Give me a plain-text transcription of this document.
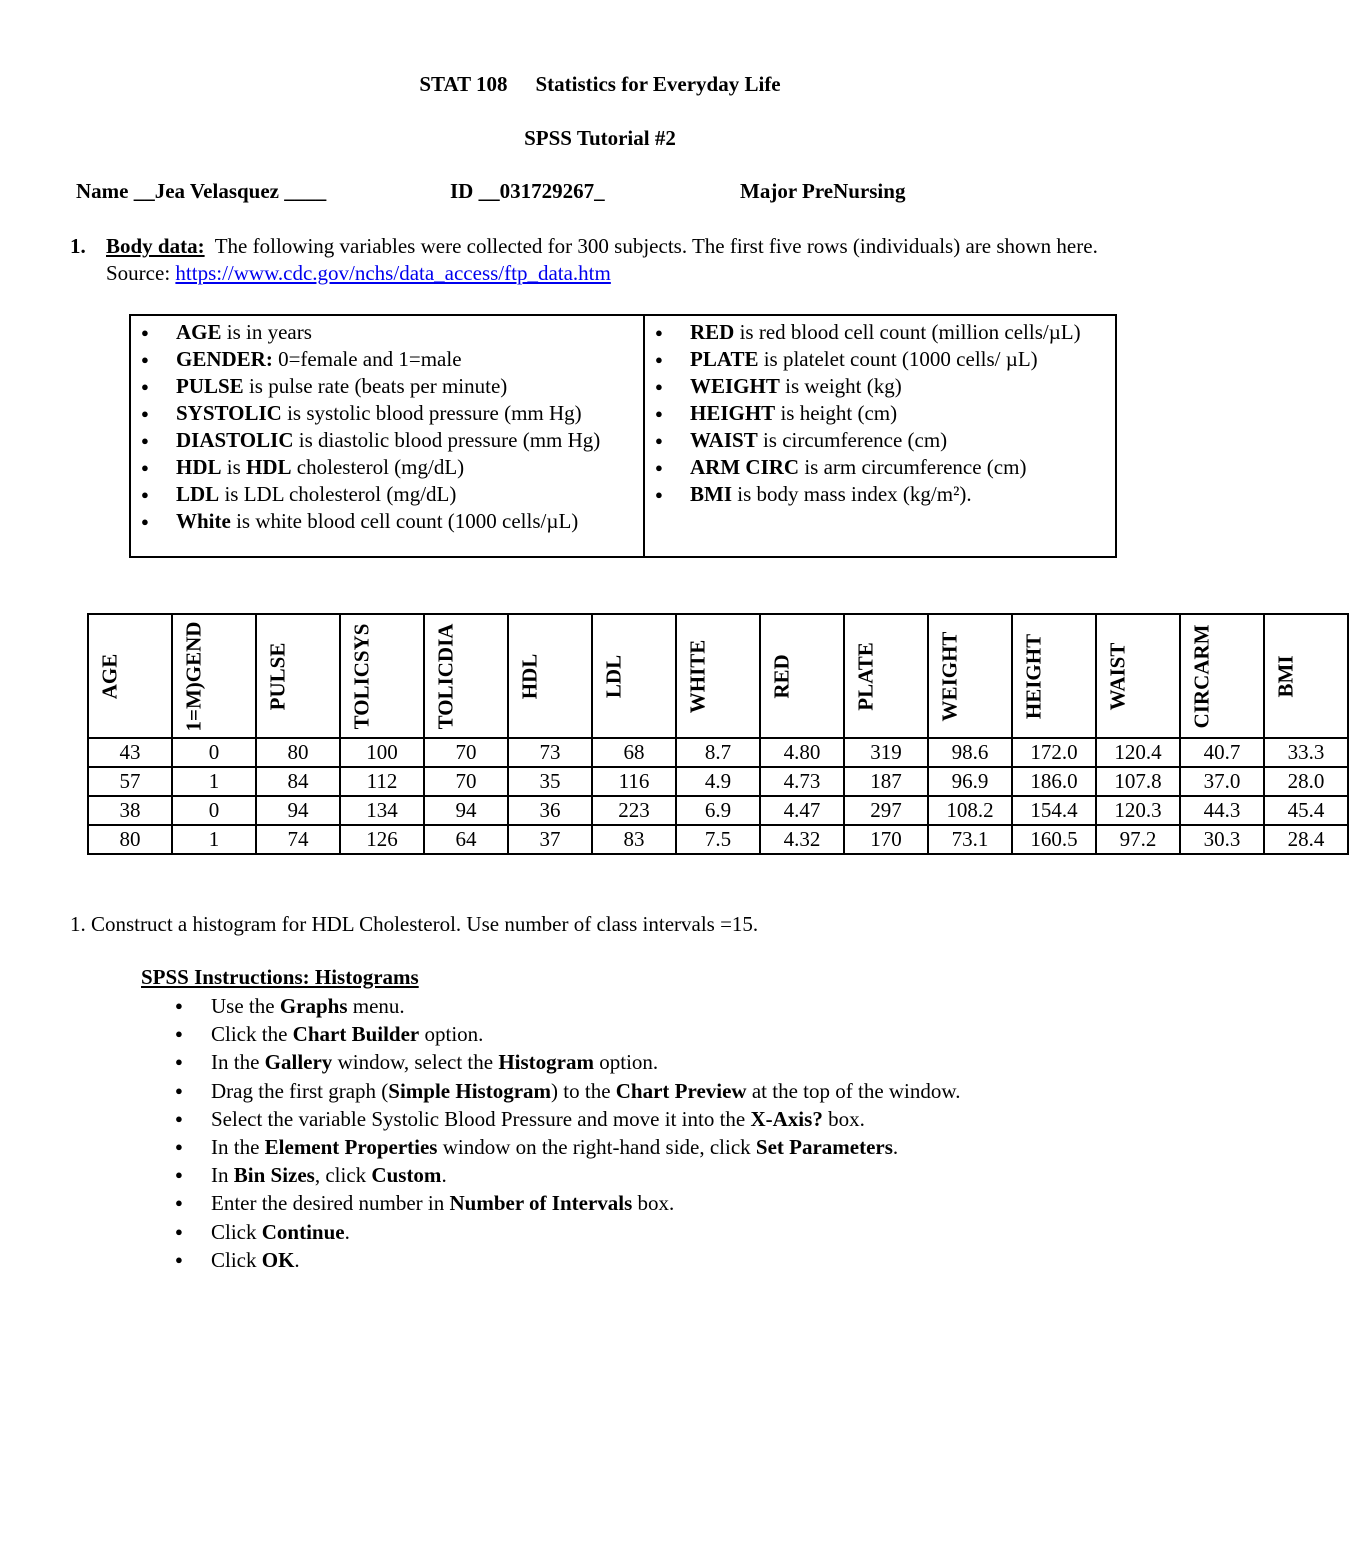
STAT 108 Statistics for Everyday Life
SPSS Tutorial #2
Name __Jea Velasquez ____	ID __031729267_	Major PreNursing
1. Body data: The following variables were collected for 300 subjects. The first five rows (individuals) are shown here. Source: https://www.cdc.gov/nchs/data_access/ftp_data.htm
● AGE is in years
● GENDER: 0=female and 1=male
● PULSE is pulse rate (beats per minute)
● SYSTOLIC is systolic blood pressure (mm Hg)
● DIASTOLIC is diastolic blood pressure (mm Hg)
● HDL is HDL cholesterol (mg/dL)
● LDL is LDL cholesterol (mg/dL)
● White is white blood cell count (1000 cells/µL)
● RED is red blood cell count (million cells/µL)
● PLATE is platelet count (1000 cells/ µL)
● WEIGHT is weight (kg)
● HEIGHT is height (cm)
● WAIST is circumference (cm)
● ARM CIRC is arm circumference (cm)
● BMI is body mass index (kg/m²).
AGE	1=M)GEND	PULSE	TOLICSYS	TOLICDIA	HDL	LDL	WHITE	RED	PLATE	WEIGHT	HEIGHT	WAIST	CIRCARM	BMI

43	0	80	100	70	73	68	8.7	4.80	319	98.6	172.0	120.4	40.7	33.3
57	1	84	112	70	35	116	4.9	4.73	187	96.9	186.0	107.8	37.0	28.0
38	0	94	134	94	36	223	6.9	4.47	297	108.2	154.4	120.3	44.3	45.4
80	1	74	126	64	37	83	7.5	4.32	170	73.1	160.5	97.2	30.3	28.4
1. Construct a histogram for HDL Cholesterol. Use number of class intervals =15.
SPSS Instructions: Histograms
● Use the Graphs menu.
● Click the Chart Builder option.
● In the Gallery window, select the Histogram option.
● Drag the first graph (Simple Histogram) to the Chart Preview at the top of the window.
● Select the variable Systolic Blood Pressure and move it into the X-Axis? box.
● In the Element Properties window on the right-hand side, click Set Parameters.
● In Bin Sizes, click Custom.
● Enter the desired number in Number of Intervals box.
● Click Continue.
● Click OK.
